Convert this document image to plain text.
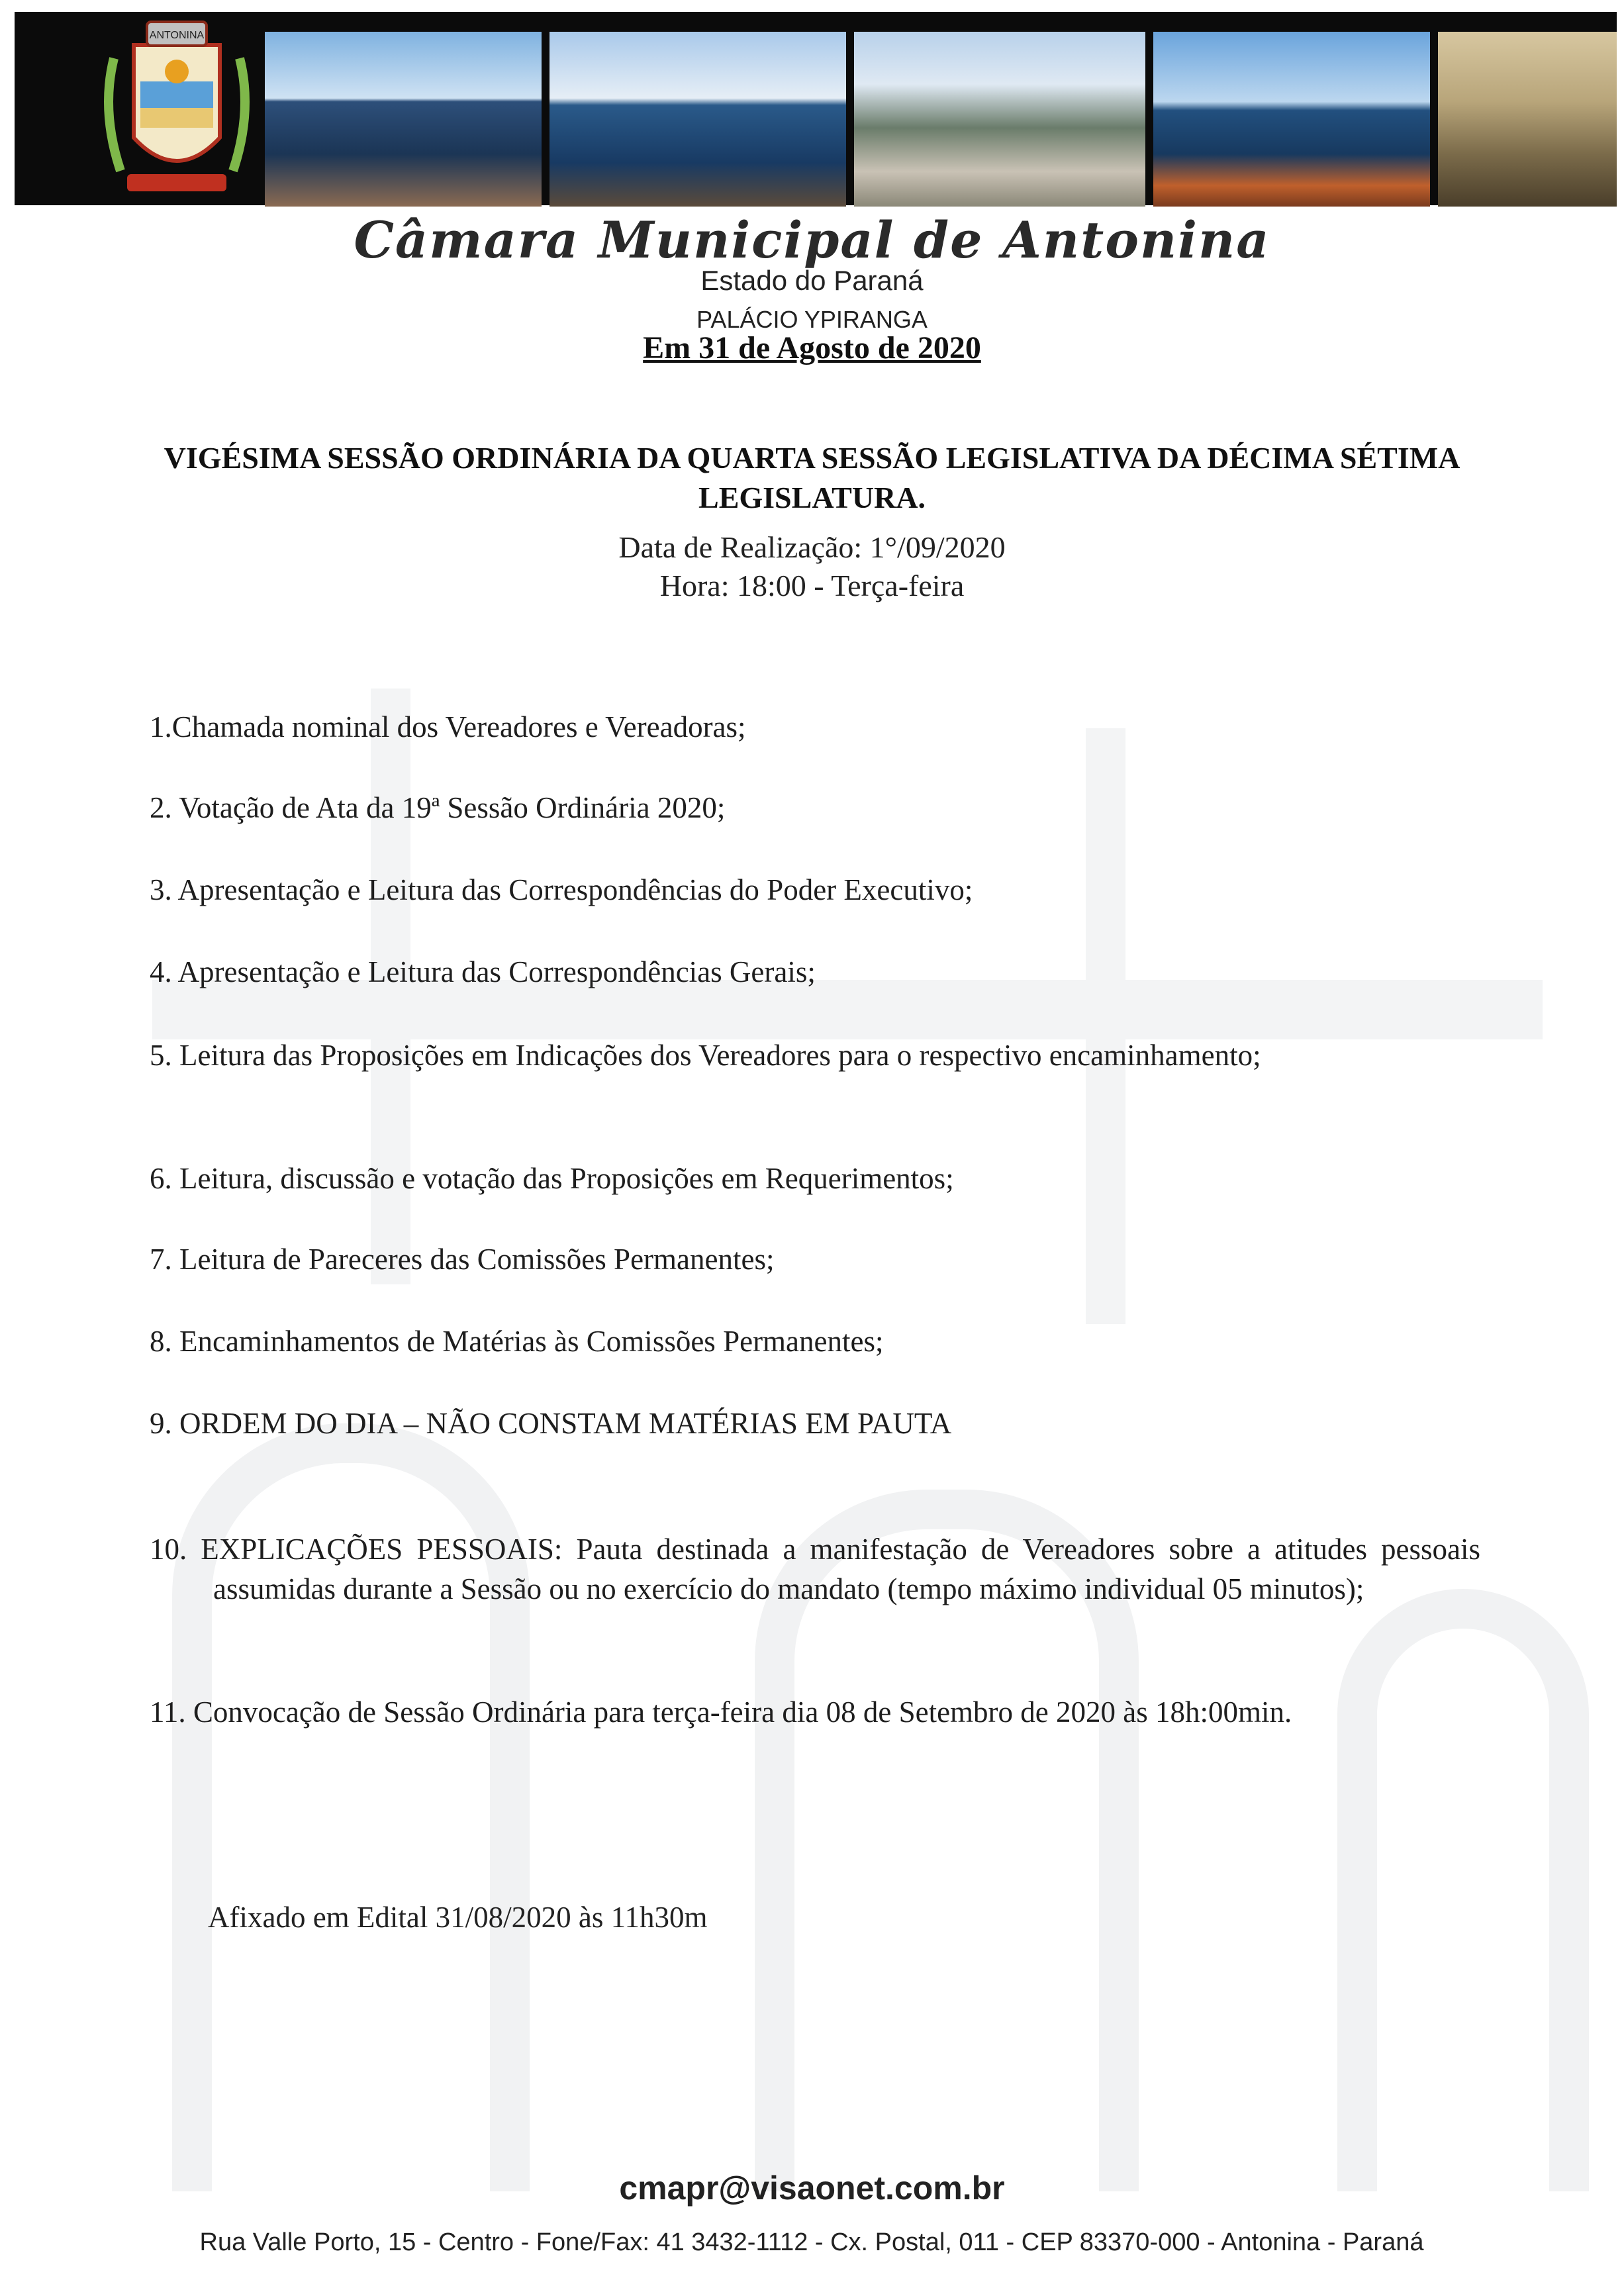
ANTONINA
Câmara Municipal de Antonina
Estado do Paraná
PALÁCIO YPIRANGA
Em 31 de Agosto de 2020
VIGÉSIMA SESSÃO ORDINÁRIA DA QUARTA SESSÃO LEGISLATIVA DA DÉCIMA SÉTIMA LEGISLATURA.
Data de Realização: 1°/09/2020
Hora: 18:00 - Terça-feira
1.Chamada nominal dos Vereadores e Vereadoras;
2. Votação de Ata da 19ª Sessão Ordinária 2020;
3. Apresentação e Leitura das Correspondências do Poder Executivo;
4. Apresentação e Leitura das Correspondências Gerais;
5. Leitura das Proposições em Indicações dos Vereadores para o respectivo encaminhamento;
6. Leitura, discussão e votação das Proposições em Requerimentos;
7. Leitura de Pareceres das Comissões Permanentes;
8. Encaminhamentos de Matérias às Comissões Permanentes;
9. ORDEM DO DIA – NÃO CONSTAM MATÉRIAS EM PAUTA
10. EXPLICAÇÕES PESSOAIS: Pauta destinada a manifestação de Vereadores sobre a atitudes pessoais assumidas durante a Sessão ou no exercício do mandato (tempo máximo individual 05 minutos);
11. Convocação de Sessão Ordinária para terça-feira dia 08 de Setembro de 2020 às 18h:00min.
Afixado em Edital 31/08/2020 às 11h30m
cmapr@visaonet.com.br
Rua Valle Porto, 15 - Centro - Fone/Fax: 41 3432-1112 - Cx. Postal, 011 - CEP 83370-000 - Antonina - Paraná
